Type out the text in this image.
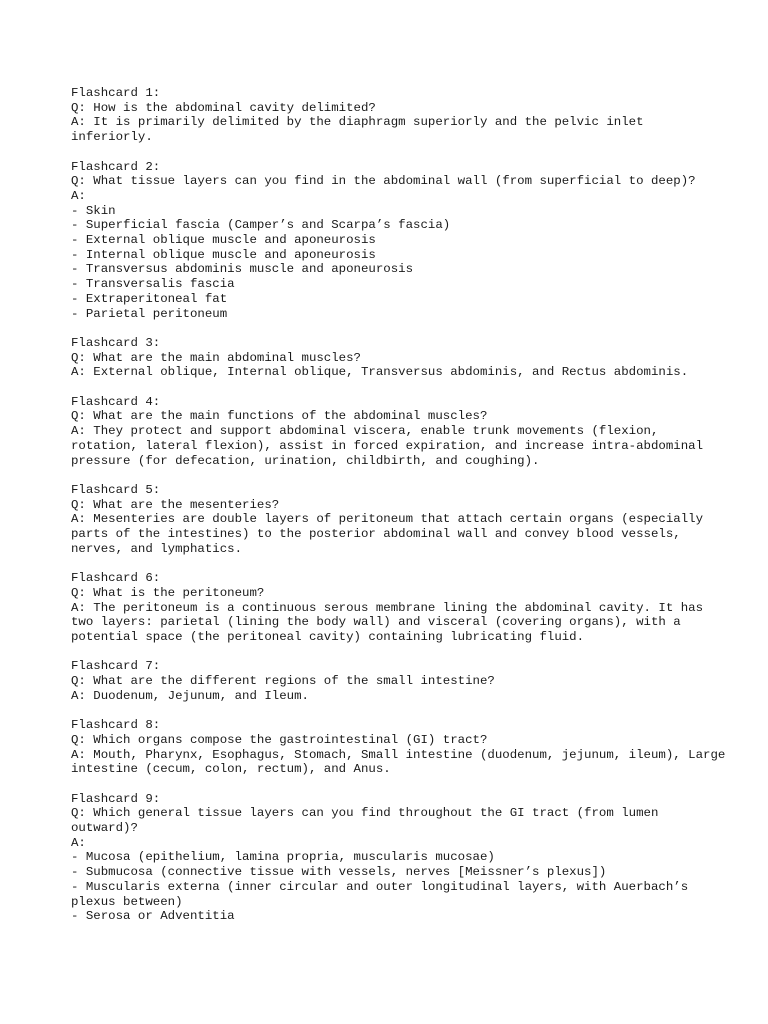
Flashcard 1:
Q: How is the abdominal cavity delimited?
A: It is primarily delimited by the diaphragm superiorly and the pelvic inlet inferiorly.
Flashcard 2:
Q: What tissue layers can you find in the abdominal wall (from superficial to deep)?
A:
- Skin
- Superficial fascia (Camper’s and Scarpa’s fascia)
- External oblique muscle and aponeurosis
- Internal oblique muscle and aponeurosis
- Transversus abdominis muscle and aponeurosis
- Transversalis fascia
- Extraperitoneal fat
- Parietal peritoneum
Flashcard 3:
Q: What are the main abdominal muscles?
A: External oblique, Internal oblique, Transversus abdominis, and Rectus abdominis.
Flashcard 4:
Q: What are the main functions of the abdominal muscles?
A: They protect and support abdominal viscera, enable trunk movements (flexion, rotation, lateral flexion), assist in forced expiration, and increase intra-abdominal pressure (for defecation, urination, childbirth, and coughing).
Flashcard 5:
Q: What are the mesenteries?
A: Mesenteries are double layers of peritoneum that attach certain organs (especially parts of the intestines) to the posterior abdominal wall and convey blood vessels, nerves, and lymphatics.
Flashcard 6:
Q: What is the peritoneum?
A: The peritoneum is a continuous serous membrane lining the abdominal cavity. It has two layers: parietal (lining the body wall) and visceral (covering organs), with a potential space (the peritoneal cavity) containing lubricating fluid.
Flashcard 7:
Q: What are the different regions of the small intestine?
A: Duodenum, Jejunum, and Ileum.
Flashcard 8:
Q: Which organs compose the gastrointestinal (GI) tract?
A: Mouth, Pharynx, Esophagus, Stomach, Small intestine (duodenum, jejunum, ileum), Large intestine (cecum, colon, rectum), and Anus.
Flashcard 9:
Q: Which general tissue layers can you find throughout the GI tract (from lumen outward)?
A:
- Mucosa (epithelium, lamina propria, muscularis mucosae)
- Submucosa (connective tissue with vessels, nerves [Meissner’s plexus])
- Muscularis externa (inner circular and outer longitudinal layers, with Auerbach’s plexus between)
- Serosa or Adventitia
